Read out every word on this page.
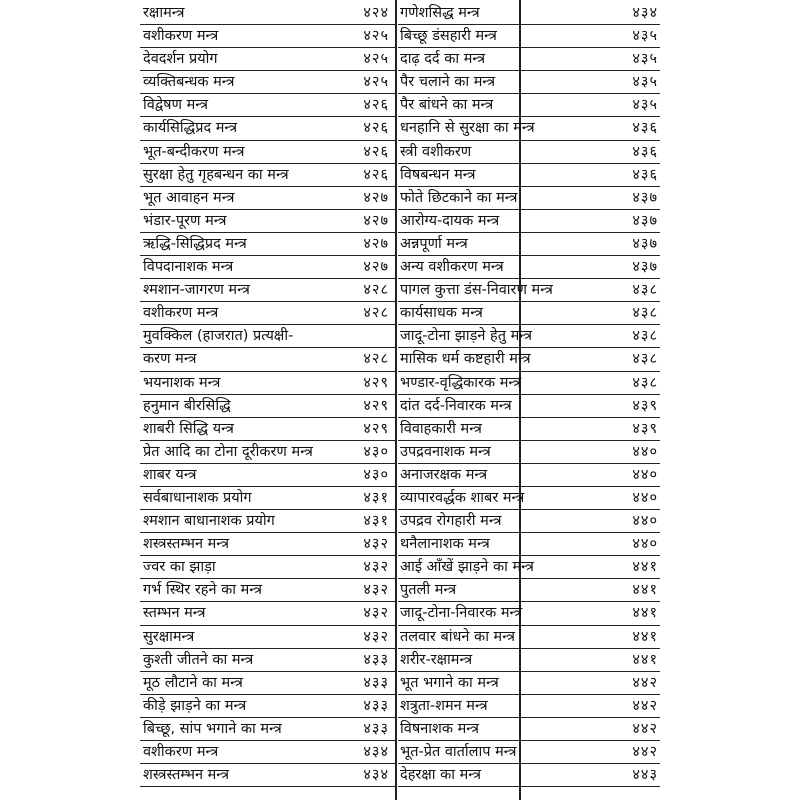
रक्षामन्त्र	४२४
वशीकरण मन्त्र	४२५
देवदर्शन प्रयोग	४२५
व्यक्तिबन्धक मन्त्र	४२५
विद्वेषण मन्त्र	४२६
कार्यसिद्धिप्रद मन्त्र	४२६
भूत-बन्दीकरण मन्त्र	४२६
सुरक्षा हेतु गृहबन्धन का मन्त्र	४२६
भूत आवाहन मन्त्र	४२७
भंडार-पूरण मन्त्र	४२७
ऋद्धि-सिद्धिप्रद मन्त्र	४२७
विपदानाशक मन्त्र	४२७
श्मशान-जागरण मन्त्र	४२८
वशीकरण मन्त्र	४२८
मुवक्किल (हाजरात) प्रत्यक्षी-
करण मन्त्र	४२८
भयनाशक मन्त्र	४२९
हनुमान बीरसिद्धि	४२९
शाबरी सिद्धि यन्त्र	४२९
प्रेत आदि का टोना दूरीकरण मन्त्र	४३०
शाबर यन्त्र	४३०
सर्वबाधानाशक प्रयोग	४३१
श्मशान बाधानाशक प्रयोग	४३१
शस्त्रस्तम्भन मन्त्र	४३२
ज्वर का झाड़ा	४३२
गर्भ स्थिर रहने का मन्त्र	४३२
स्तम्भन मन्त्र	४३२
सुरक्षामन्त्र	४३२
कुश्ती जीतने का मन्त्र	४३३
मूठ लौटाने का मन्त्र	४३३
कीड़े झाड़ने का मन्त्र	४३३
बिच्छू, सांप भगाने का मन्त्र	४३३
वशीकरण मन्त्र	४३४
शस्त्रस्तम्भन मन्त्र	४३४
गणेशसिद्ध मन्त्र	४३४
बिच्छू डंसहारी मन्त्र	४३५
दाढ़ दर्द का मन्त्र	४३५
पैर चलाने का मन्त्र	४३५
पैर बांधने का मन्त्र	४३५
धनहानि से सुरक्षा का मन्त्र	४३६
स्त्री वशीकरण	४३६
विषबन्धन मन्त्र	४३६
फोते छिटकाने का मन्त्र	४३७
आरोग्य-दायक मन्त्र	४३७
अन्नपूर्णा मन्त्र	४३७
अन्य वशीकरण मन्त्र	४३७
पागल कुत्ता डंस-निवारण मन्त्र	४३८
कार्यसाधक मन्त्र	४३८
जादू-टोना झाड़ने हेतु मन्त्र	४३८
मासिक धर्म कष्टहारी मन्त्र	४३८
भण्डार-वृद्धिकारक मन्त्र	४३८
दांत दर्द-निवारक मन्त्र	४३९
विवाहकारी मन्त्र	४३९
उपद्रवनाशक मन्त्र	४४०
अनाजरक्षक मन्त्र	४४०
व्यापारवर्द्धक शाबर मन्त्र	४४०
उपद्रव रोगहारी मन्त्र	४४०
थनैलानाशक मन्त्र	४४०
आई आँखें झाड़ने का मन्त्र	४४१
पुतली मन्त्र	४४१
जादू-टोना-निवारक मन्त्र	४४१
तलवार बांधने का मन्त्र	४४१
शरीर-रक्षामन्त्र	४४१
भूत भगाने का मन्त्र	४४२
शत्रुता-शमन मन्त्र	४४२
विषनाशक मन्त्र	४४२
भूत-प्रेत वार्तालाप मन्त्र	४४२
देहरक्षा का मन्त्र	४४३
